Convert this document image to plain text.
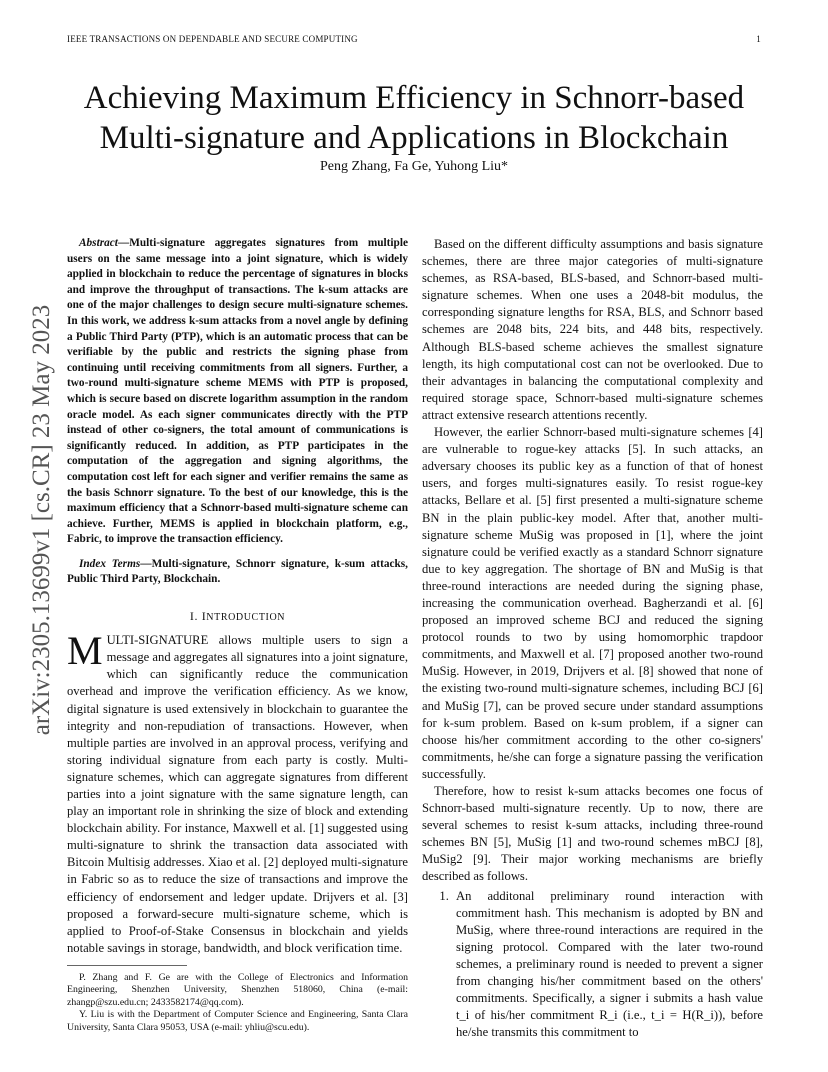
IEEE TRANSACTIONS ON DEPENDABLE AND SECURE COMPUTING	1
arXiv:2305.13699v1 [cs.CR] 23 May 2023
Achieving Maximum Efficiency in Schnorr-based Multi-signature and Applications in Blockchain
Peng Zhang, Fa Ge, Yuhong Liu*

Abstract—Multi-signature aggregates signatures from multiple users on the same message into a joint signature, which is widely applied in blockchain to reduce the percentage of signatures in blocks and improve the throughput of transactions. The k-sum attacks are one of the major challenges to design secure multi-signature schemes. In this work, we address k-sum attacks from a novel angle by defining a Public Third Party (PTP), which is an automatic process that can be verifiable by the public and restricts the signing phase from continuing until receiving commitments from all signers. Further, a two-round multi-signature scheme MEMS with PTP is proposed, which is secure based on discrete logarithm assumption in the random oracle model. As each signer communicates directly with the PTP instead of other co-signers, the total amount of communications is significantly reduced. In addition, as PTP participates in the computation of the aggregation and signing algorithms, the computation cost left for each signer and verifier remains the same as the basis Schnorr signature. To the best of our knowledge, this is the maximum efficiency that a Schnorr-based multi-signature scheme can achieve. Further, MEMS is applied in blockchain platform, e.g., Fabric, to improve the transaction efficiency.

Index Terms—Multi-signature, Schnorr signature, k-sum attacks, Public Third Party, Blockchain.

I. INTRODUCTION

MULTI-SIGNATURE allows multiple users to sign a message and aggregates all signatures into a joint signature, which can significantly reduce the communication overhead and improve the verification efficiency. As we know, digital signature is used extensively in blockchain to guarantee the integrity and non-repudiation of transactions. However, when multiple parties are involved in an approval process, verifying and storing individual signature from each party is costly. Multi-signature schemes, which can aggregate signatures from different parties into a joint signature with the same signature length, can play an important role in shrinking the size of block and extending blockchain ability. For instance, Maxwell et al. [1] suggested using multi-signature to shrink the transaction data associated with Bitcoin Multisig addresses. Xiao et al. [2] deployed multi-signature in Fabric so as to reduce the size of transactions and improve the efficiency of endorsement and ledger update. Drijvers et al. [3] proposed a forward-secure multi-signature scheme, which is applied to Proof-of-Stake Consensus in blockchain and yields notable savings in storage, bandwidth, and block verification time.

P. Zhang and F. Ge are with the College of Electronics and Information Engineering, Shenzhen University, Shenzhen 518060, China (e-mail: zhangp@szu.edu.cn; 2433582174@qq.com).

Y. Liu is with the Department of Computer Science and Engineering, Santa Clara University, Santa Clara 95053, USA (e-mail: yhliu@scu.edu).

Based on the different difficulty assumptions and basis signature schemes, there are three major categories of multi-signature schemes, as RSA-based, BLS-based, and Schnorr-based multi-signature schemes. When one uses a 2048-bit modulus, the corresponding signature lengths for RSA, BLS, and Schnorr based schemes are 2048 bits, 224 bits, and 448 bits, respectively. Although BLS-based scheme achieves the smallest signature length, its high computational cost can not be overlooked. Due to their advantages in balancing the computational complexity and required storage space, Schnorr-based multi-signature schemes attract extensive research attentions recently.

However, the earlier Schnorr-based multi-signature schemes [4] are vulnerable to rogue-key attacks [5]. In such attacks, an adversary chooses its public key as a function of that of honest users, and forges multi-signatures easily. To resist rogue-key attacks, Bellare et al. [5] first presented a multi-signature scheme BN in the plain public-key model. After that, another multi-signature scheme MuSig was proposed in [1], where the joint signature could be verified exactly as a standard Schnorr signature due to key aggregation. The shortage of BN and MuSig is that three-round interactions are needed during the signing phase, increasing the communication overhead. Bagherzandi et al. [6] proposed an improved scheme BCJ and reduced the signing protocol rounds to two by using homomorphic trapdoor commitments, and Maxwell et al. [7] proposed another two-round MuSig. However, in 2019, Drijvers et al. [8] showed that none of the existing two-round multi-signature schemes, including BCJ [6] and MuSig [7], can be proved secure under standard assumptions for k-sum problem. Based on k-sum problem, if a signer can choose his/her commitment according to the other co-signers' commitments, he/she can forge a signature passing the verification successfully.

Therefore, how to resist k-sum attacks becomes one focus of Schnorr-based multi-signature recently. Up to now, there are several schemes to resist k-sum attacks, including three-round schemes BN [5], MuSig [1] and two-round schemes mBCJ [8], MuSig2 [9]. Their major working mechanisms are briefly described as follows.

1. An additonal preliminary round interaction with commitment hash. This mechanism is adopted by BN and MuSig, where three-round interactions are required in the signing protocol. Compared with the later two-round schemes, a preliminary round is needed to prevent a signer from changing his/her commitment based on the others' commitments. Specifically, a signer i submits a hash value t_i of his/her commitment R_i (i.e., t_i = H(R_i)), before he/she transmits this commitment to
